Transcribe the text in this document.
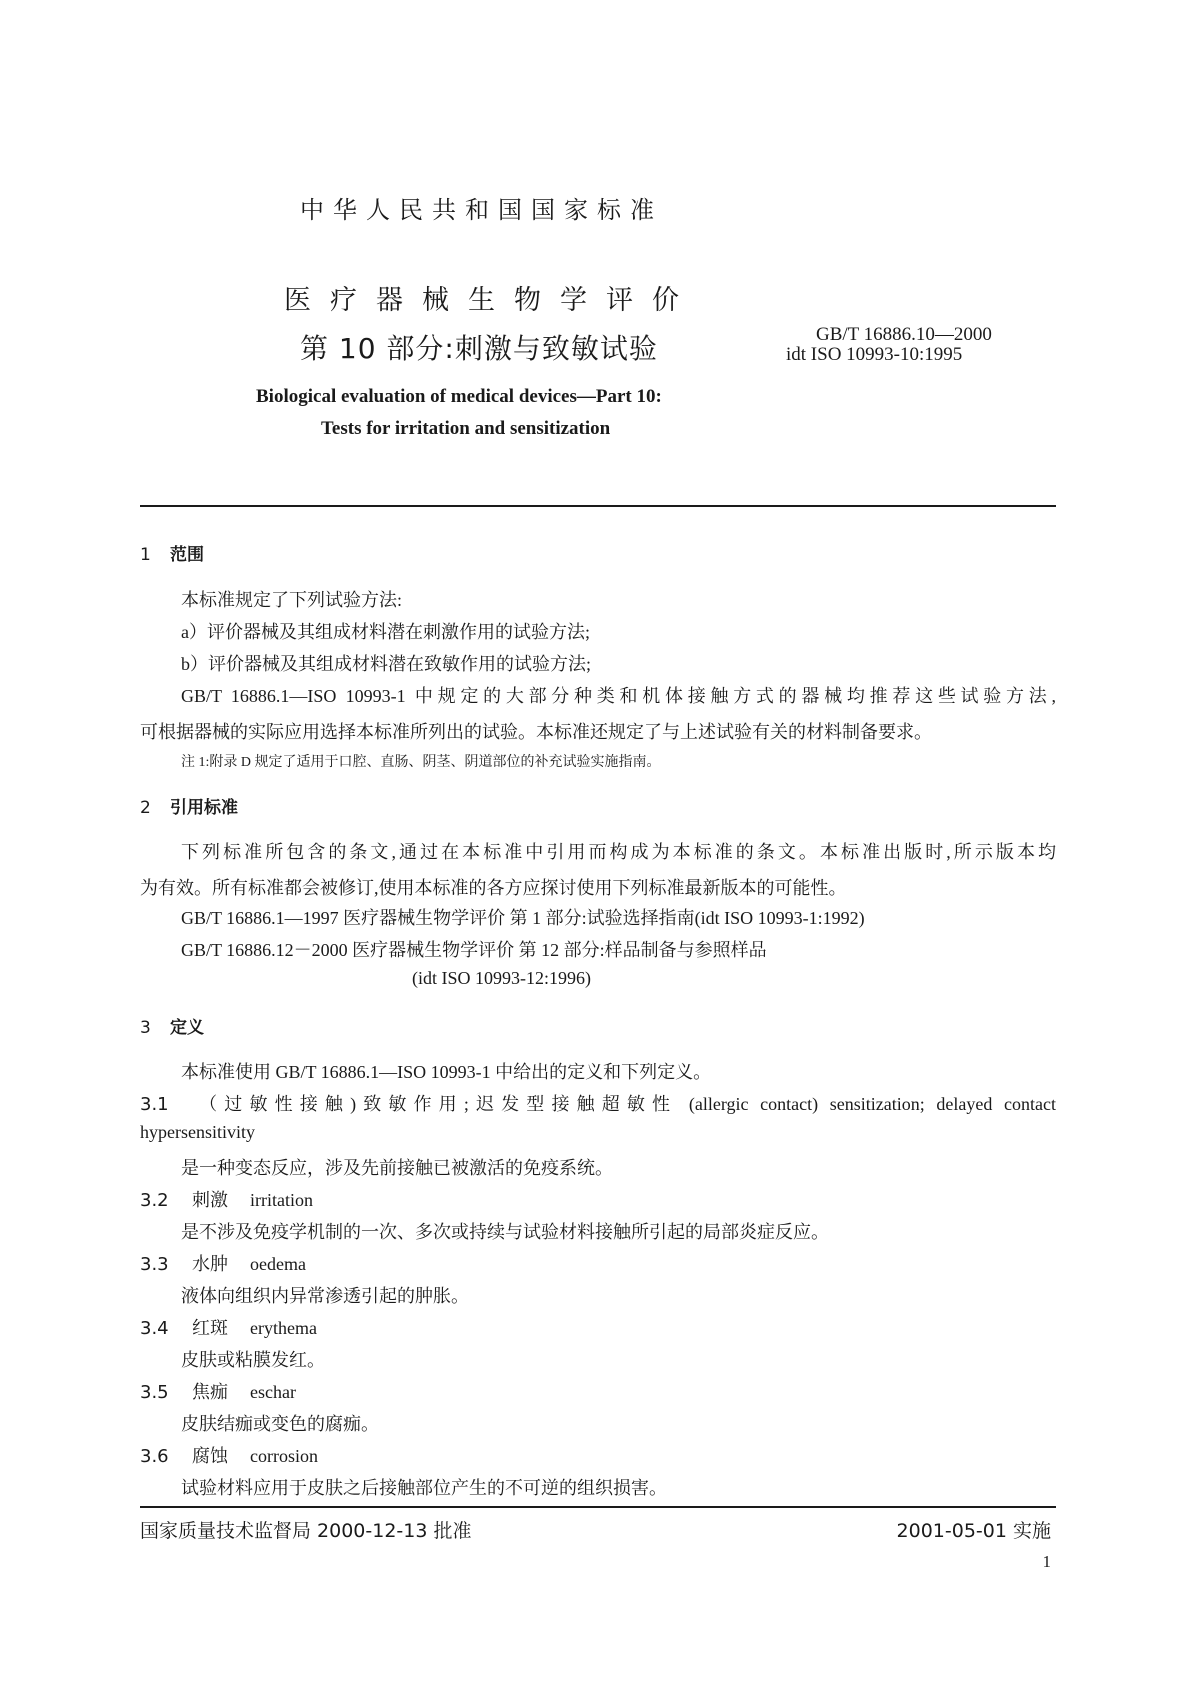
中华人民共和国国家标准
医疗器械生物学评价
第 10 部分:刺激与致敏试验	GB/T 16886.10—2000
idt ISO 10993-10:1995
Biological evaluation of medical devices—Part 10:
Tests for irritation and sensitization
1 范围
本标准规定了下列试验方法:
a）评价器械及其组成材料潜在刺激作用的试验方法;
b）评价器械及其组成材料潜在致敏作用的试验方法;
GB/T 16886.1—ISO 10993-1 中规定的大部分种类和机体接触方式的器械均推荐这些试验方法,
可根据器械的实际应用选择本标准所列出的试验。本标准还规定了与上述试验有关的材料制备要求。
注 1:附录 D 规定了适用于口腔、直肠、阴茎、阴道部位的补充试验实施指南。
2 引用标准
下列标准所包含的条文,通过在本标准中引用而构成为本标准的条文。本标准出版时,所示版本均
为有效。所有标准都会被修订,使用本标准的各方应探讨使用下列标准最新版本的可能性。
GB/T 16886.1—1997 医疗器械生物学评价 第 1 部分:试验选择指南(idt ISO 10993-1:1992)
GB/T 16886.12－2000 医疗器械生物学评价 第 12 部分:样品制备与参照样品
(idt ISO 10993-12:1996)
3 定义
本标准使用 GB/T 16886.1—ISO 10993-1 中给出的定义和下列定义。
3.1 （过敏性接触)致敏作用;迟发型接触超敏性 (allergic contact) sensitization; delayed contact
hypersensitivity
是一种变态反应，涉及先前接触已被激活的免疫系统。
3.2 刺激 irritation
是不涉及免疫学机制的一次、多次或持续与试验材料接触所引起的局部炎症反应。
3.3 水肿 oedema
液体向组织内异常渗透引起的肿胀。
3.4 红斑 erythema
皮肤或粘膜发红。
3.5 焦痂 eschar
皮肤结痂或变色的腐痂。
3.6 腐蚀 corrosion
试验材料应用于皮肤之后接触部位产生的不可逆的组织损害。
国家质量技术监督局 2000-12-13 批准	2001-05-01 实施
1
